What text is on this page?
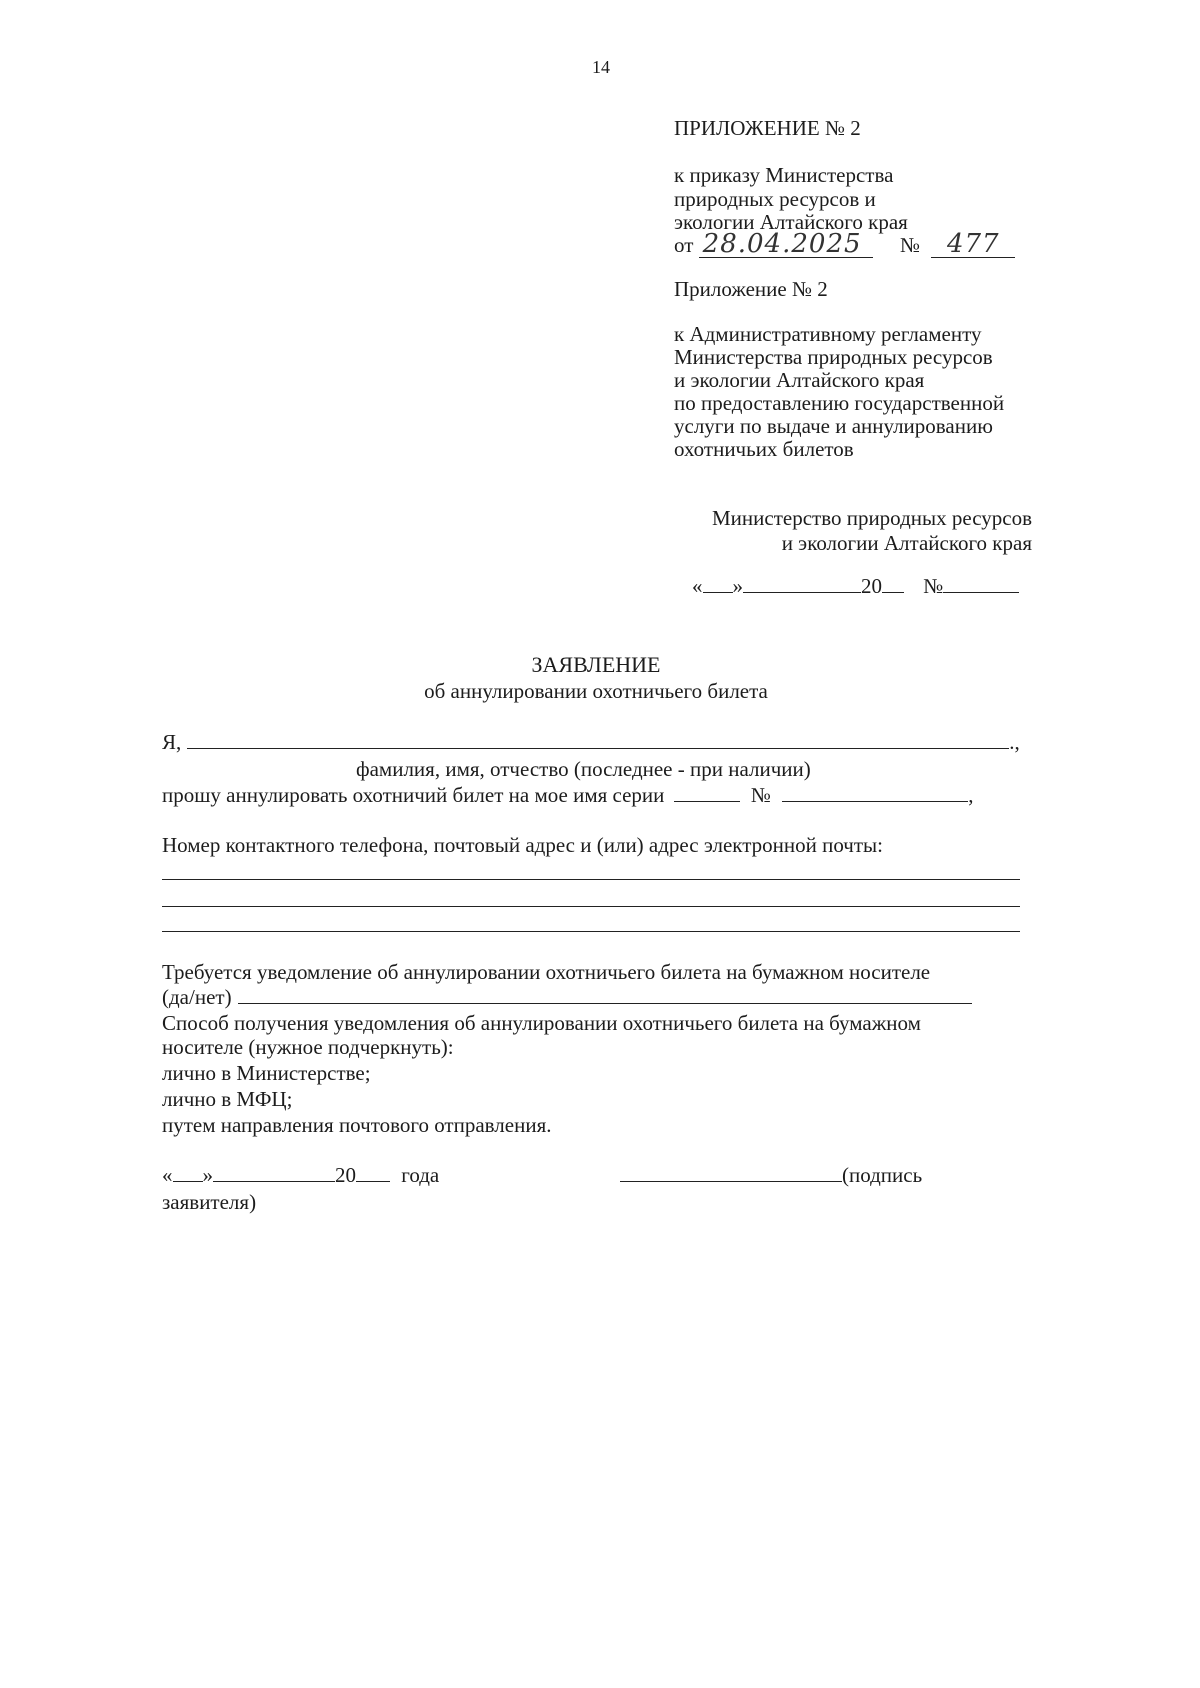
14
ПРИЛОЖЕНИЕ № 2
к приказу Министерства
природных ресурсов и
экологии Алтайского края
от 28.04.2025	№ 477
Приложение № 2
к Административному регламенту
Министерства природных ресурсов
и экологии Алтайского края
по предоставлению государственной
услуги по выдаче и аннулированию
охотничьих билетов
Министерство природных ресурсов
и экологии Алтайского края
« »	20 №
ЗАЯВЛЕНИЕ
об аннулировании охотничьего билета
Я,	.,
фамилия, имя, отчество (последнее - при наличии)
прошу аннулировать охотничий билет на мое имя серии	№	,
Номер контактного телефона, почтовый адрес и (или) адрес электронной почты:
Требуется уведомление об аннулировании охотничьего билета на бумажном носителе
(да/нет)
Способ получения уведомления об аннулировании охотничьего билета на бумажном
носителе (нужное подчеркнуть):
лично в Министерстве;
лично в МФЦ;
путем направления почтового отправления.
« »	20 года	(подпись
заявителя)
